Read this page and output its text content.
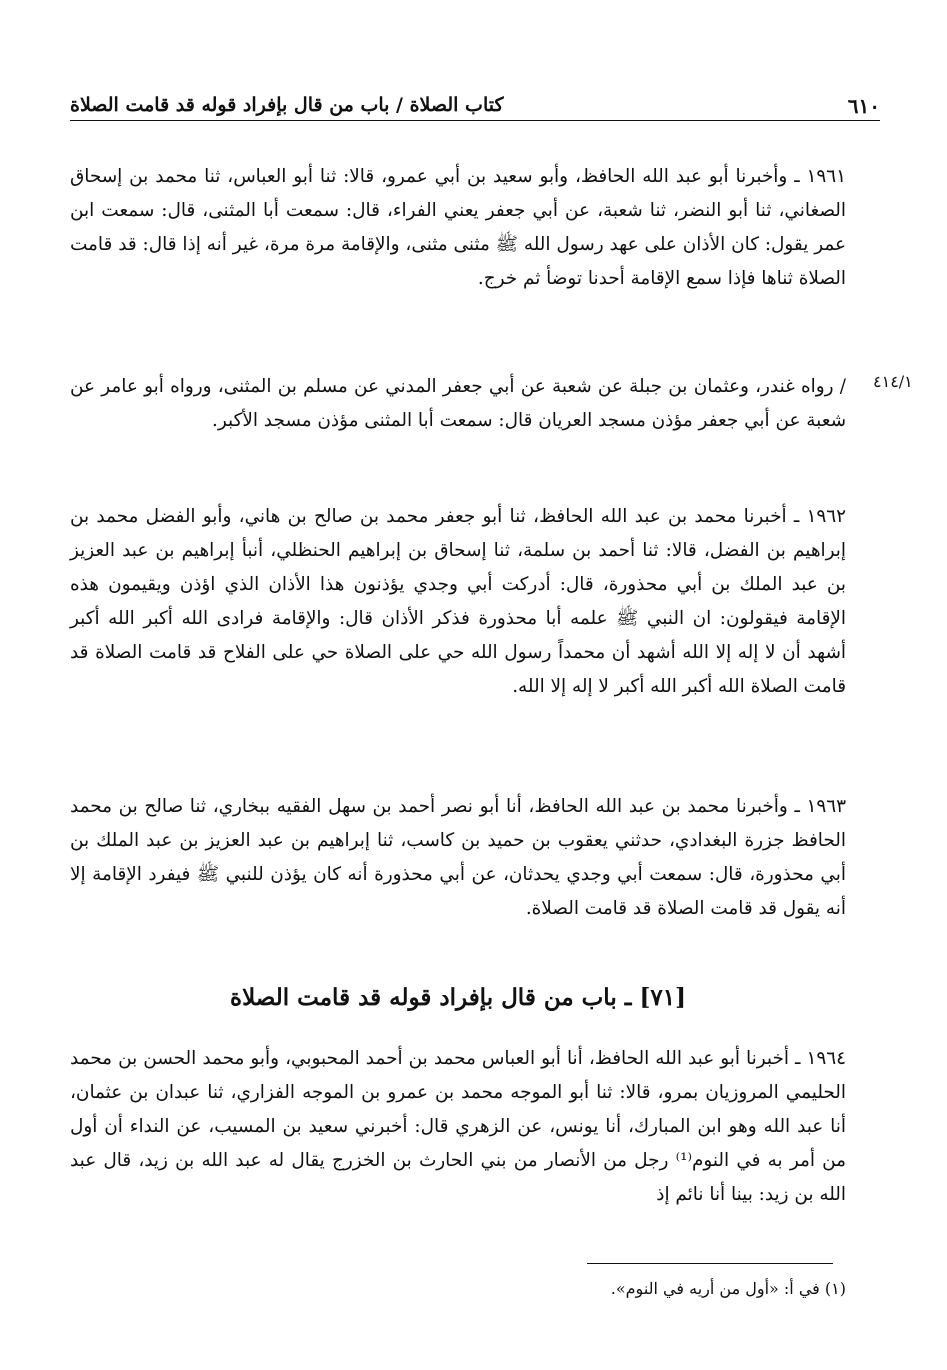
٦١٠
كتاب الصلاة / باب من قال بإفراد قوله قد قامت الصلاة
٤١٤/١

١٩٦١ ـ وأخبرنا أبو عبد الله الحافظ، وأبو سعيد بن أبي عمرو، قالا: ثنا أبو العباس، ثنا محمد بن إسحاق الصغاني، ثنا أبو النضر، ثنا شعبة، عن أبي جعفر يعني الفراء، قال: سمعت أبا المثنى، قال: سمعت ابن عمر يقول: كان الأذان على عهد رسول الله ﷺ مثنى مثنى، والإقامة مرة مرة، غير أنه إذا قال: قد قامت الصلاة ثناها فإذا سمع الإقامة أحدنا توضأ ثم خرج.

/ رواه غندر، وعثمان بن جبلة عن شعبة عن أبي جعفر المدني عن مسلم بن المثنى، ورواه أبو عامر عن شعبة عن أبي جعفر مؤذن مسجد العريان قال: سمعت أبا المثنى مؤذن مسجد الأكبر.

١٩٦٢ ـ أخبرنا محمد بن عبد الله الحافظ، ثنا أبو جعفر محمد بن صالح بن هاني، وأبو الفضل محمد بن إبراهيم بن الفضل، قالا: ثنا أحمد بن سلمة، ثنا إسحاق بن إبراهيم الحنظلي، أنبأ إبراهيم بن عبد العزيز بن عبد الملك بن أبي محذورة، قال: أدركت أبي وجدي يؤذنون هذا الأذان الذي اؤذن ويقيمون هذه الإقامة فيقولون: ان النبي ﷺ علمه أبا محذورة فذكر الأذان قال: والإقامة فرادى الله أكبر الله أكبر أشهد أن لا إله إلا الله أشهد أن محمداً رسول الله حي على الصلاة حي على الفلاح قد قامت الصلاة قد قامت الصلاة الله أكبر الله أكبر لا إله إلا الله.

١٩٦٣ ـ وأخبرنا محمد بن عبد الله الحافظ، أنا أبو نصر أحمد بن سهل الفقيه ببخاري، ثنا صالح بن محمد الحافظ جزرة البغدادي، حدثني يعقوب بن حميد بن كاسب، ثنا إبراهيم بن عبد العزيز بن عبد الملك بن أبي محذورة، قال: سمعت أبي وجدي يحدثان، عن أبي محذورة أنه كان يؤذن للنبي ﷺ فيفرد الإقامة إلا أنه يقول قد قامت الصلاة قد قامت الصلاة.

[٧١] ـ باب من قال بإفراد قوله قد قامت الصلاة

١٩٦٤ ـ أخبرنا أبو عبد الله الحافظ، أنا أبو العباس محمد بن أحمد المحبوبي، وأبو محمد الحسن بن محمد الحليمي المروزيان بمرو، قالا: ثنا أبو الموجه محمد بن عمرو بن الموجه الفزاري، ثنا عبدان بن عثمان، أنا عبد الله وهو ابن المبارك، أنا يونس، عن الزهري قال: أخبرني سعيد بن المسيب، عن النداء أن أول من أمر به في النوم⁽¹⁾ رجل من الأنصار من بني الحارث بن الخزرج يقال له عبد الله بن زيد، قال عبد الله بن زيد: بينا أنا نائم إذ

(١) في أ: «أول من أريه في النوم».
